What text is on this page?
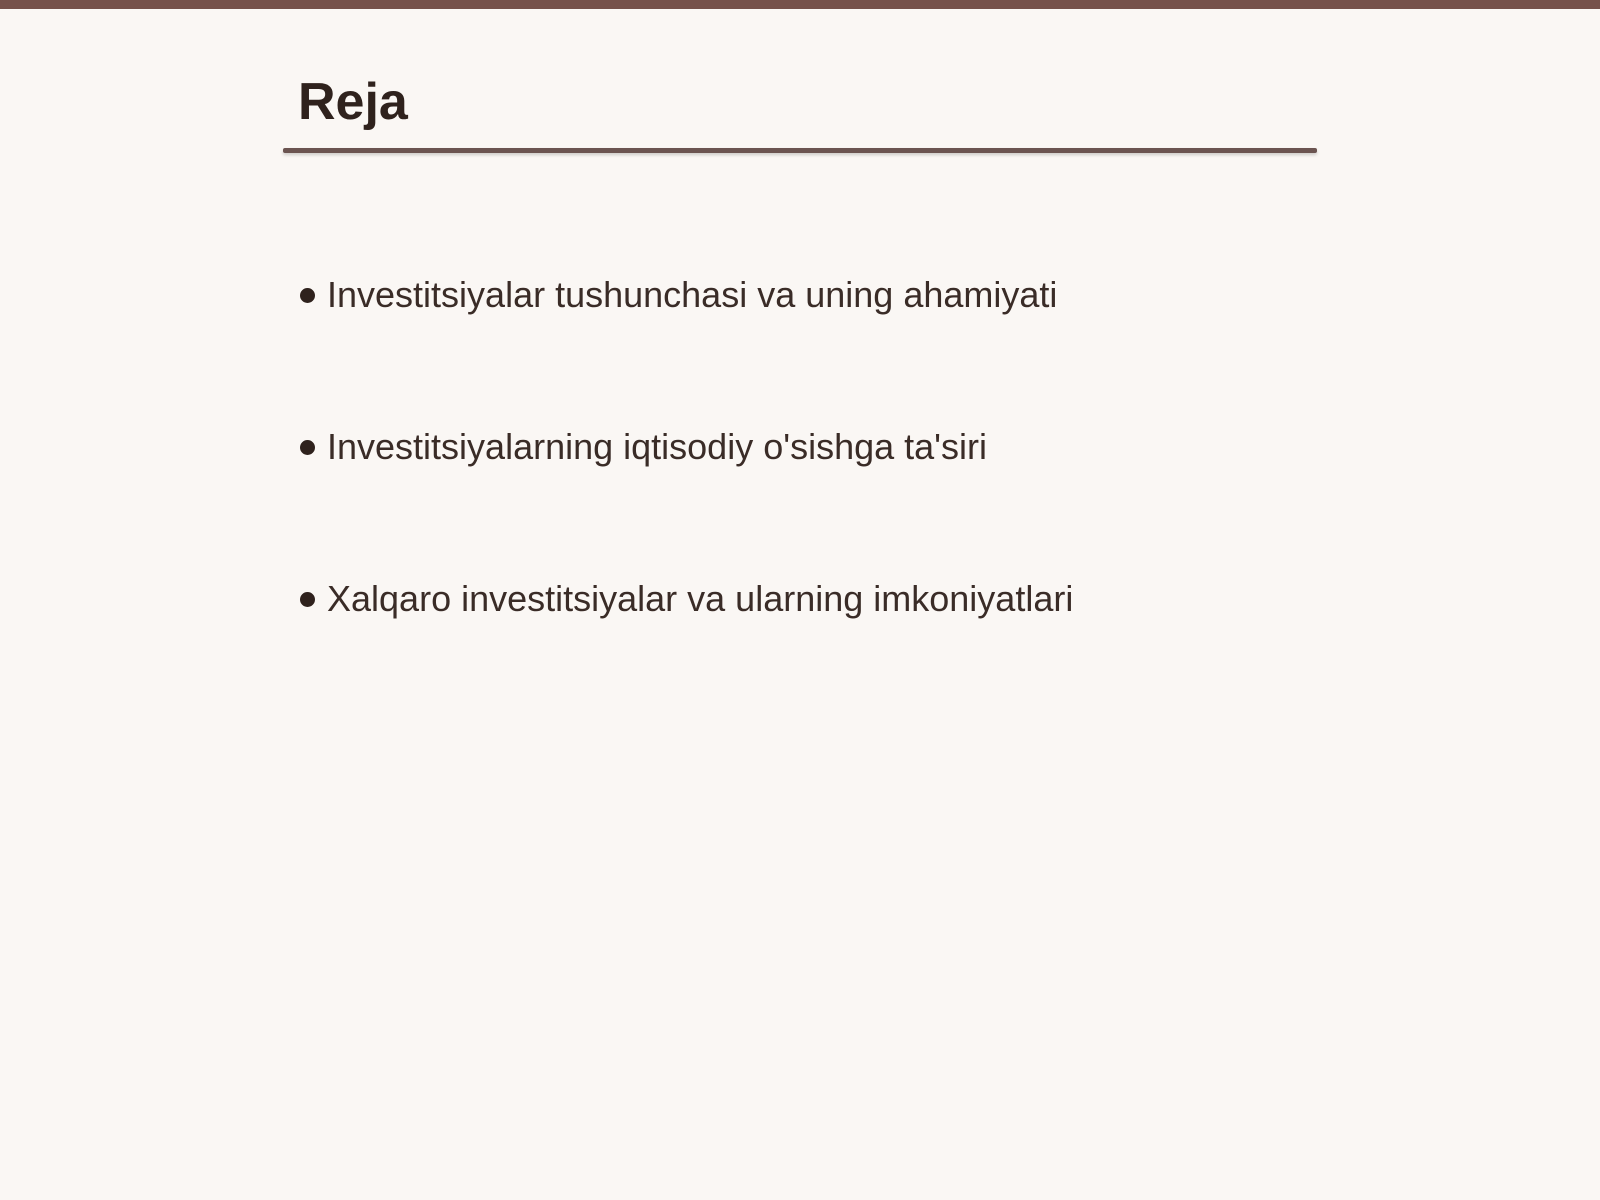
Reja
Investitsiyalar tushunchasi va uning ahamiyati
Investitsiyalarning iqtisodiy o'sishga ta'siri
Xalqaro investitsiyalar va ularning imkoniyatlari
